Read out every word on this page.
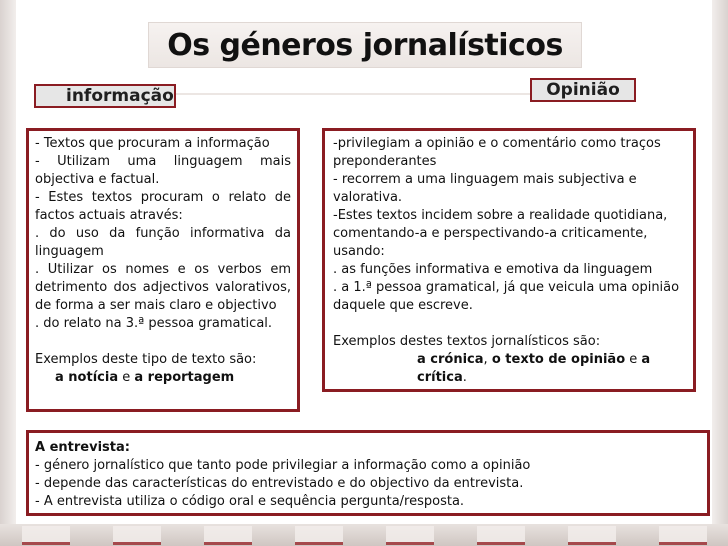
Os géneros jornalísticos
informação	Opinião

- Textos que procuram a informação

- Utilizam uma linguagem mais objectiva e factual.

- Estes textos procuram o relato de factos actuais através:

. do uso da função informativa da linguagem

. Utilizar os nomes e os verbos em detrimento dos adjectivos valorativos, de forma a ser mais claro e objectivo

. do relato na 3.ª pessoa gramatical.

Exemplos deste tipo de texto são:

a notícia e a reportagem

-privilegiam a opinião e o comentário como traços preponderantes

- recorrem a uma linguagem mais subjectiva e valorativa.

-Estes textos incidem sobre a realidade quotidiana, comentando-a e perspectivando-a criticamente, usando:

. as funções informativa e emotiva da linguagem

. a 1.ª pessoa gramatical, já que veicula uma opinião daquele que escreve.

Exemplos destes textos jornalísticos são:

a crónica, o texto de opinião e a crítica.

A entrevista:

- género jornalístico que tanto pode privilegiar a informação como a opinião

- depende das características do entrevistado e do objectivo da entrevista.

- A entrevista utiliza o código oral e sequência pergunta/resposta.
